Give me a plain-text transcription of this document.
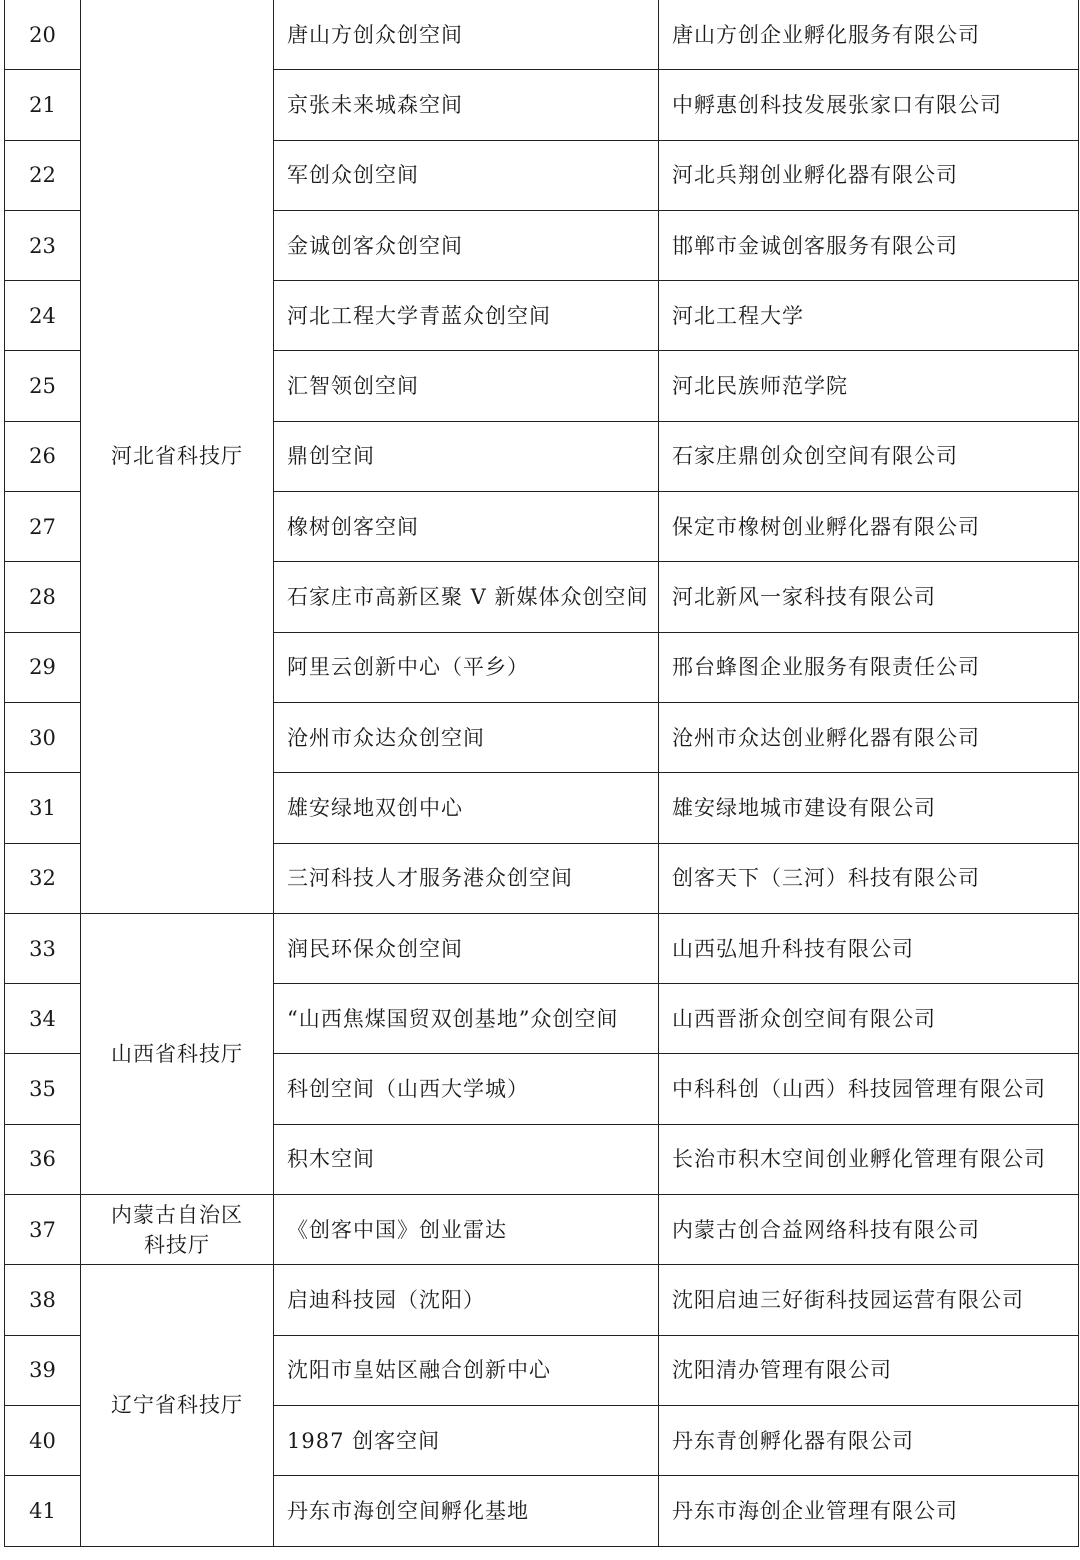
20	河北省科技厅	唐山方创众创空间	唐山方创企业孵化服务有限公司
21		京张未来城森空间	中孵惠创科技发展张家口有限公司
22		军创众创空间	河北兵翔创业孵化器有限公司
23		金诚创客众创空间	邯郸市金诚创客服务有限公司
24		河北工程大学青蓝众创空间	河北工程大学
25		汇智领创空间	河北民族师范学院
26		鼎创空间	石家庄鼎创众创空间有限公司
27		橡树创客空间	保定市橡树创业孵化器有限公司
28		石家庄市高新区聚 V 新媒体众创空间	河北新风一家科技有限公司
29		阿里云创新中心（平乡）	邢台蜂图企业服务有限责任公司
30		沧州市众达众创空间	沧州市众达创业孵化器有限公司
31		雄安绿地双创中心	雄安绿地城市建设有限公司
32		三河科技人才服务港众创空间	创客天下（三河）科技有限公司
33	山西省科技厅	润民环保众创空间	山西弘旭升科技有限公司
34		“山西焦煤国贸双创基地”众创空间	山西晋浙众创空间有限公司
35		科创空间（山西大学城）	中科科创（山西）科技园管理有限公司
36		积木空间	长治市积木空间创业孵化管理有限公司
37	内蒙古自治区科技厅	《创客中国》创业雷达	内蒙古创合益网络科技有限公司
38	辽宁省科技厅	启迪科技园（沈阳）	沈阳启迪三好街科技园运营有限公司
39		沈阳市皇姑区融合创新中心	沈阳清办管理有限公司
40		1987 创客空间	丹东青创孵化器有限公司
41		丹东市海创空间孵化基地	丹东市海创企业管理有限公司
